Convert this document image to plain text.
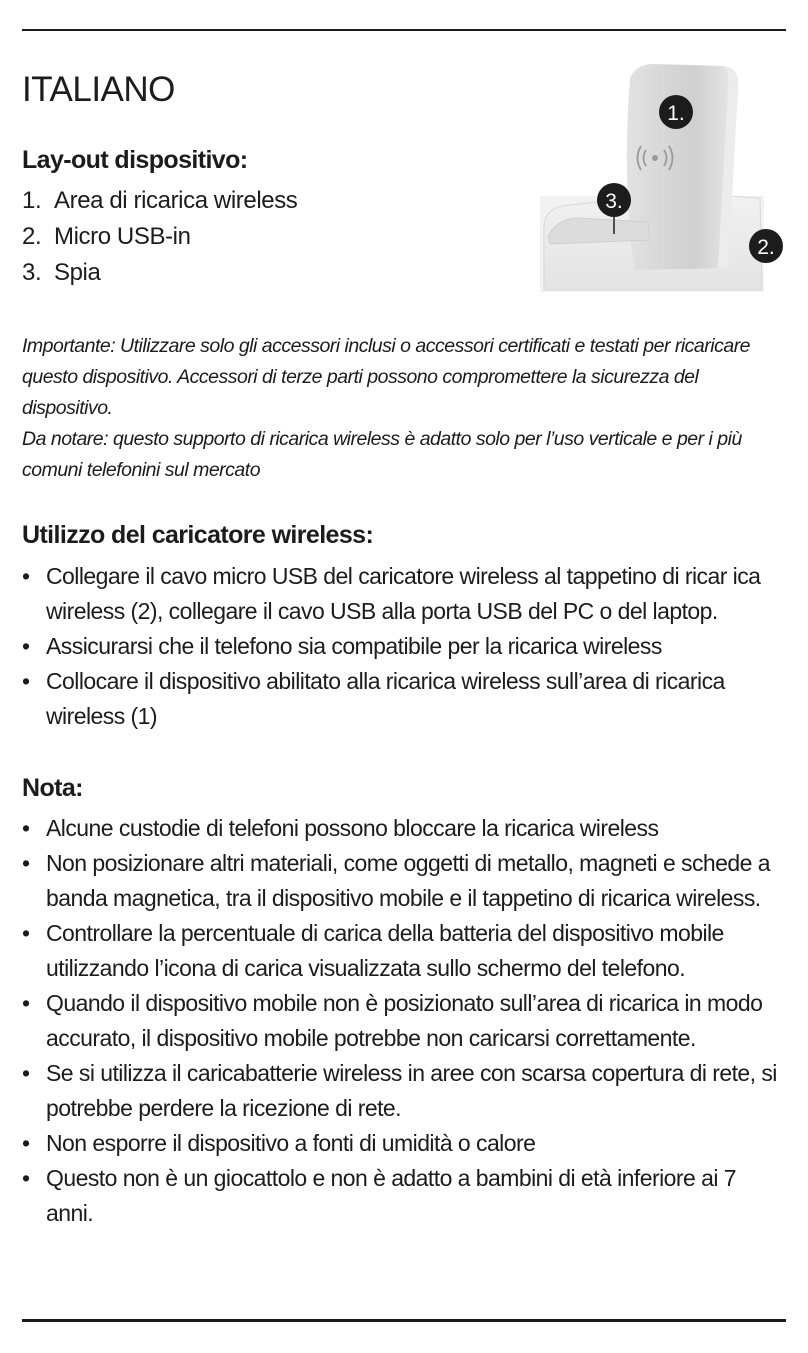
ITALIANO
Lay-out dispositivo:
1. Area di ricarica wireless
2. Micro USB-in
3. Spia
1.
3.
2.

Importante: Utilizzare solo gli accessori inclusi o accessori certificati e testati per ricaricare questo dispositivo. Accessori di terze parti possono compromettere la sicurezza del dispositivo.

Da notare: questo supporto di ricarica wireless è adatto solo per l’uso verticale e per i più comuni telefonini sul mercato

Utilizzo del caricatore wireless:
• Collegare il cavo micro USB del caricatore wireless al tappetino di ricar ica wireless (2), collegare il cavo USB alla porta USB del PC o del laptop.
• Assicurarsi che il telefono sia compatibile per la ricarica wireless
• Collocare il dispositivo abilitato alla ricarica wireless sull’area di ricarica wireless (1)
Nota:
• Alcune custodie di telefoni possono bloccare la ricarica wireless
• Non posizionare altri materiali, come oggetti di metallo, magneti e schede a banda magnetica, tra il dispositivo mobile e il tappetino di ricarica wireless.
• Controllare la percentuale di carica della batteria del dispositivo mobile utilizzando l’icona di carica visualizzata sullo schermo del telefono.
• Quando il dispositivo mobile non è posizionato sull’area di ricarica in modo accurato, il dispositivo mobile potrebbe non caricarsi correttamente.
• Se si utilizza il caricabatterie wireless in aree con scarsa copertura di rete, si potrebbe perdere la ricezione di rete.
• Non esporre il dispositivo a fonti di umidità o calore
• Questo non è un giocattolo e non è adatto a bambini di età inferiore ai 7 anni.
